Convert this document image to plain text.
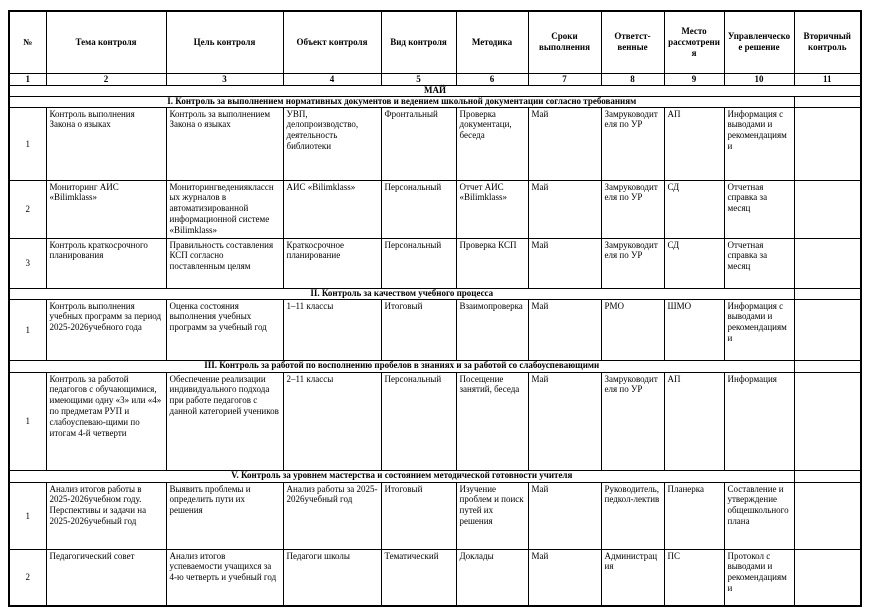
№	Тема контроля	Цель контроля	Объект контроля	Вид контроля	Методика	Сроки выполнения	Ответст-венные	Место рассмотрения	Управленческое решение	Вторичный контроль
1	2	3	4	5	6	7	8	9	10	11
МАЙ										
I. Контроль за выполнением нормативных документов и ведением школьной документации согласно требованиям										
1	Контроль выполнения Закона о языках	Контроль за выполнением Закона о языках	УВП, делопроизводство, деятельность библиотеки	Фронтальный	Проверка документаци, беседа	Май	Замруководителя по УР	АП	Информация с выводами и рекомендациями	
2	Мониторинг АИС «Bilimklass»	Мониторингведенияклассных журналов в автоматизированной информационной системе «Bilimklass»	АИС «Bilimklass»	Персональный	Отчет АИС «Bilimklass»	Май	Замруководителя по УР	СД	Отчетная справка за месяц	
3	Контроль краткосрочного планирования	Правильность составления КСП согласно поставленным целям	Краткосрочное планирование	Персональный	Проверка КСП	Май	Замруководителя по УР	СД	Отчетная справка за месяц	
II. Контроль за качеством учебного процесса										
1	Контроль выполнения учебных программ за период 2025-2026учебного года	Оценка состояния выполнения учебных программ за учебный год	1–11 классы	Итоговый	Взаимопроверка	Май	РМО	ШМО	Информация с выводами и рекомендациями	
III. Контроль за работой по восполнению пробелов в знаниях и за работой со слабоуспевающими										
1	Контроль за работой педагогов с обучающимися, имеющими одну «3» или «4» по предметам РУП и слабоуспеваю-щими по итогам 4-й четверти	Обеспечение реализации индивидуального подхода при работе педагогов с данной категорией учеников	2–11 классы	Персональный	Посещение занятий, беседа	Май	Замруководителя по УР	АП	Информация	
V. Контроль за уровнем мастерства и состоянием методической готовности учителя										
1	Анализ итогов работы в 2025-2026учебном году. Перспективы и задачи на 2025-2026учебный год	Выявить проблемы и определить пути их решения	Анализ работы за 2025-2026учебный год	Итоговый	Изучение проблем и поиск путей их решения	Май	Руководитель, педкол-лектив	Планерка	Составление и утверждение общешкольного плана	
2	Педагогический совет	Анализ итогов успеваемости учащихся за 4-ю четверть и учебный год	Педагоги школы	Тематический	Доклады	Май	Администрация	ПС	Протокол с выводами и рекомендациями	
